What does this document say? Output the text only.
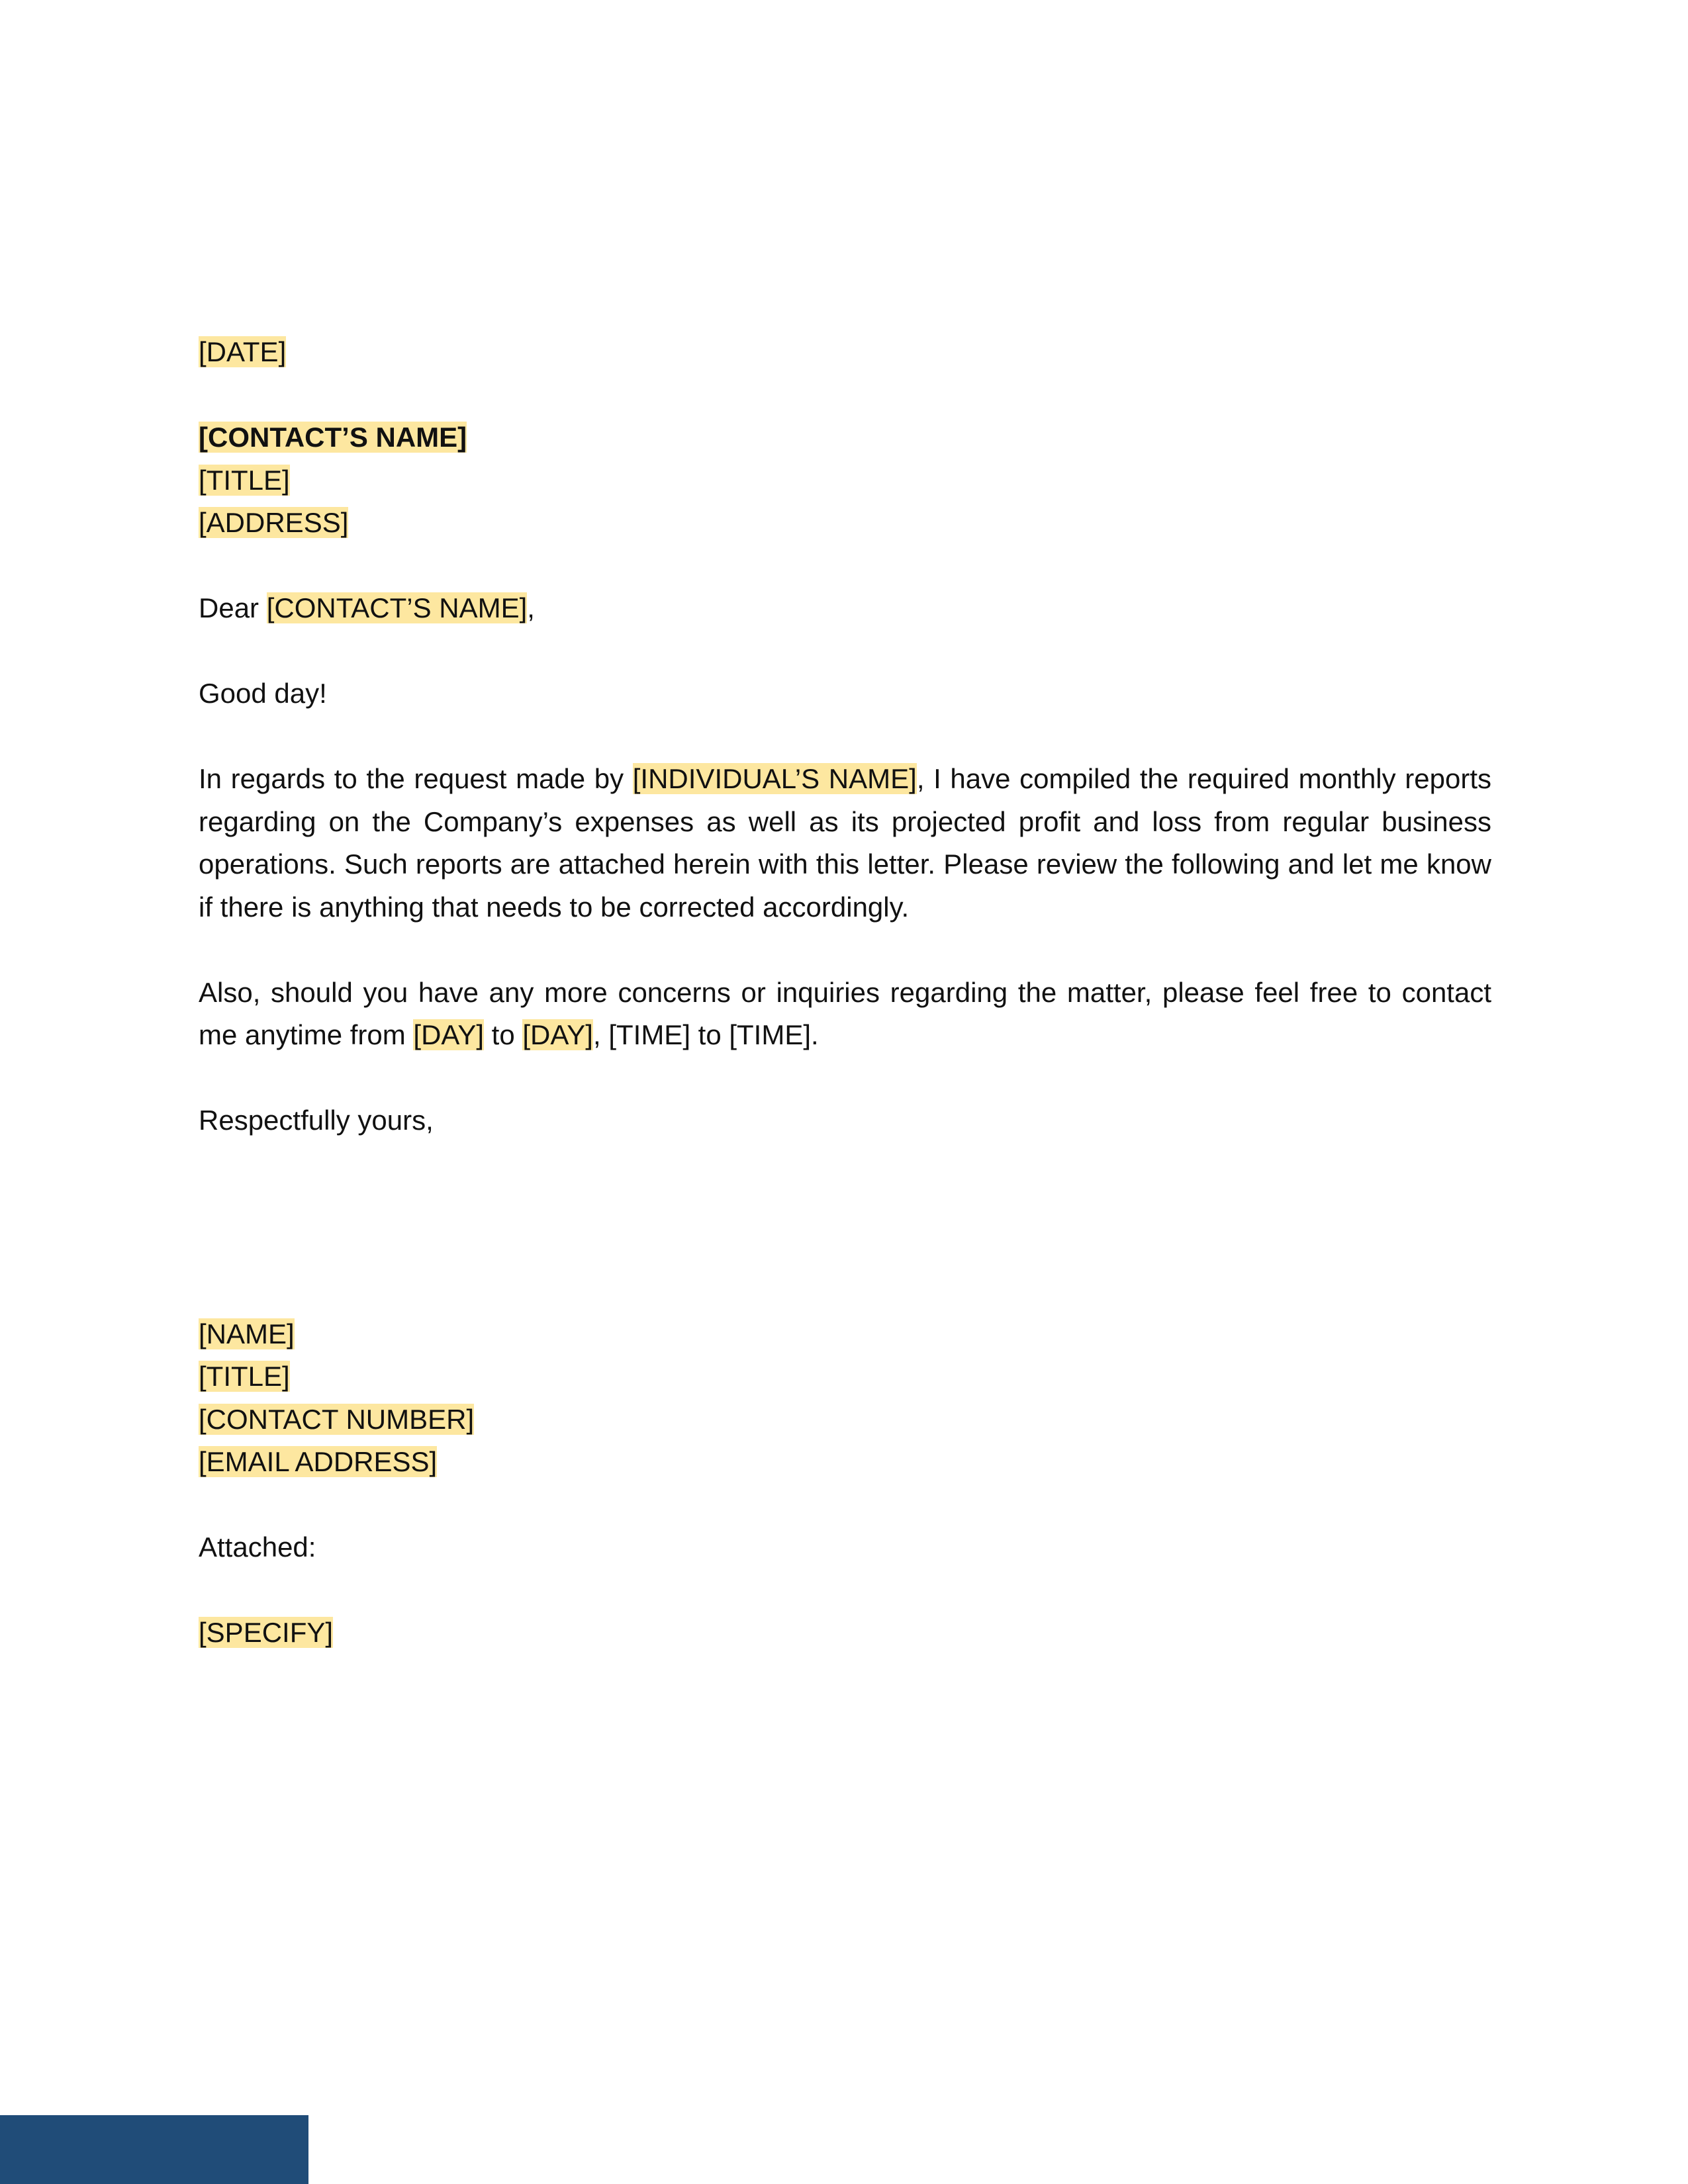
[DATE]
[CONTACT’S NAME]
[TITLE]
[ADDRESS]
Dear [CONTACT’S NAME],
Good day!

In regards to the request made by [INDIVIDUAL’S NAME], I have compiled the required monthly reports regarding on the Company’s expenses as well as its projected profit and loss from regular business operations. Such reports are attached herein with this letter. Please review the following and let me know if there is anything that needs to be corrected accordingly.

Also, should you have any more concerns or inquiries regarding the matter, please feel free to contact me anytime from [DAY] to [DAY], [TIME] to [TIME].

Respectfully yours,
[NAME]
[TITLE]
[CONTACT NUMBER]
[EMAIL ADDRESS]
Attached:
[SPECIFY]
